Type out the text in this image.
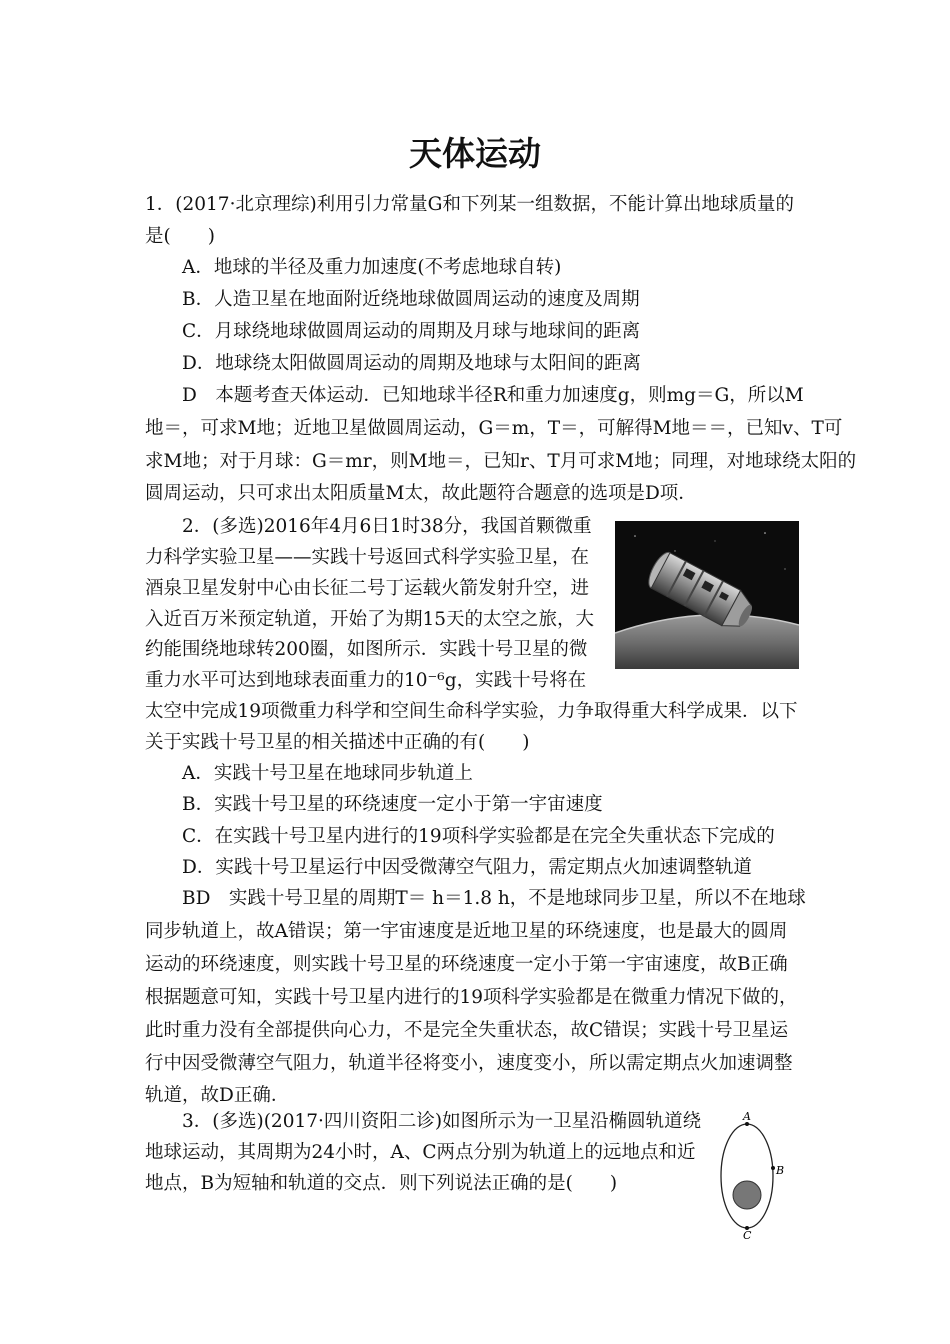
天体运动
1．(2017·北京理综)利用引力常量G和下列某一组数据，不能计算出地球质量的
是(　　)
A．地球的半径及重力加速度(不考虑地球自转)
B．人造卫星在地面附近绕地球做圆周运动的速度及周期
C．月球绕地球做圆周运动的周期及月球与地球间的距离
D．地球绕太阳做圆周运动的周期及地球与太阳间的距离
D　本题考查天体运动．已知地球半径R和重力加速度g，则mg＝G，所以M
地＝，可求M地；近地卫星做圆周运动，G＝m，T＝，可解得M地＝＝，已知v、T可
求M地；对于月球：G＝mr，则M地＝，已知r、T月可求M地；同理，对地球绕太阳的
圆周运动，只可求出太阳质量M太，故此题符合题意的选项是D项．
2．(多选)2016年4月6日1时38分，我国首颗微重
力科学实验卫星——实践十号返回式科学实验卫星，在
酒泉卫星发射中心由长征二号丁运载火箭发射升空，进
入近百万米预定轨道，开始了为期15天的太空之旅，大
约能围绕地球转200圈，如图所示．实践十号卫星的微
重力水平可达到地球表面重力的10⁻⁶g，实践十号将在
太空中完成19项微重力科学和空间生命科学实验，力争取得重大科学成果．以下
关于实践十号卫星的相关描述中正确的有(　　)
A．实践十号卫星在地球同步轨道上
B．实践十号卫星的环绕速度一定小于第一宇宙速度
C．在实践十号卫星内进行的19项科学实验都是在完全失重状态下完成的
D．实践十号卫星运行中因受微薄空气阻力，需定期点火加速调整轨道
BD　实践十号卫星的周期T＝ h＝1.8 h，不是地球同步卫星，所以不在地球
同步轨道上，故A错误；第一宇宙速度是近地卫星的环绕速度，也是最大的圆周
运动的环绕速度，则实践十号卫星的环绕速度一定小于第一宇宙速度，故B正确
根据题意可知，实践十号卫星内进行的19项科学实验都是在微重力情况下做的，
此时重力没有全部提供向心力，不是完全失重状态，故C错误；实践十号卫星运
行中因受微薄空气阻力，轨道半径将变小，速度变小，所以需定期点火加速调整
轨道，故D正确．
3．(多选)(2017·四川资阳二诊)如图所示为一卫星沿椭圆轨道绕
地球运动，其周期为24小时，A、C两点分别为轨道上的远地点和近
地点，B为短轴和轨道的交点．则下列说法正确的是(　　)
A
B
C
